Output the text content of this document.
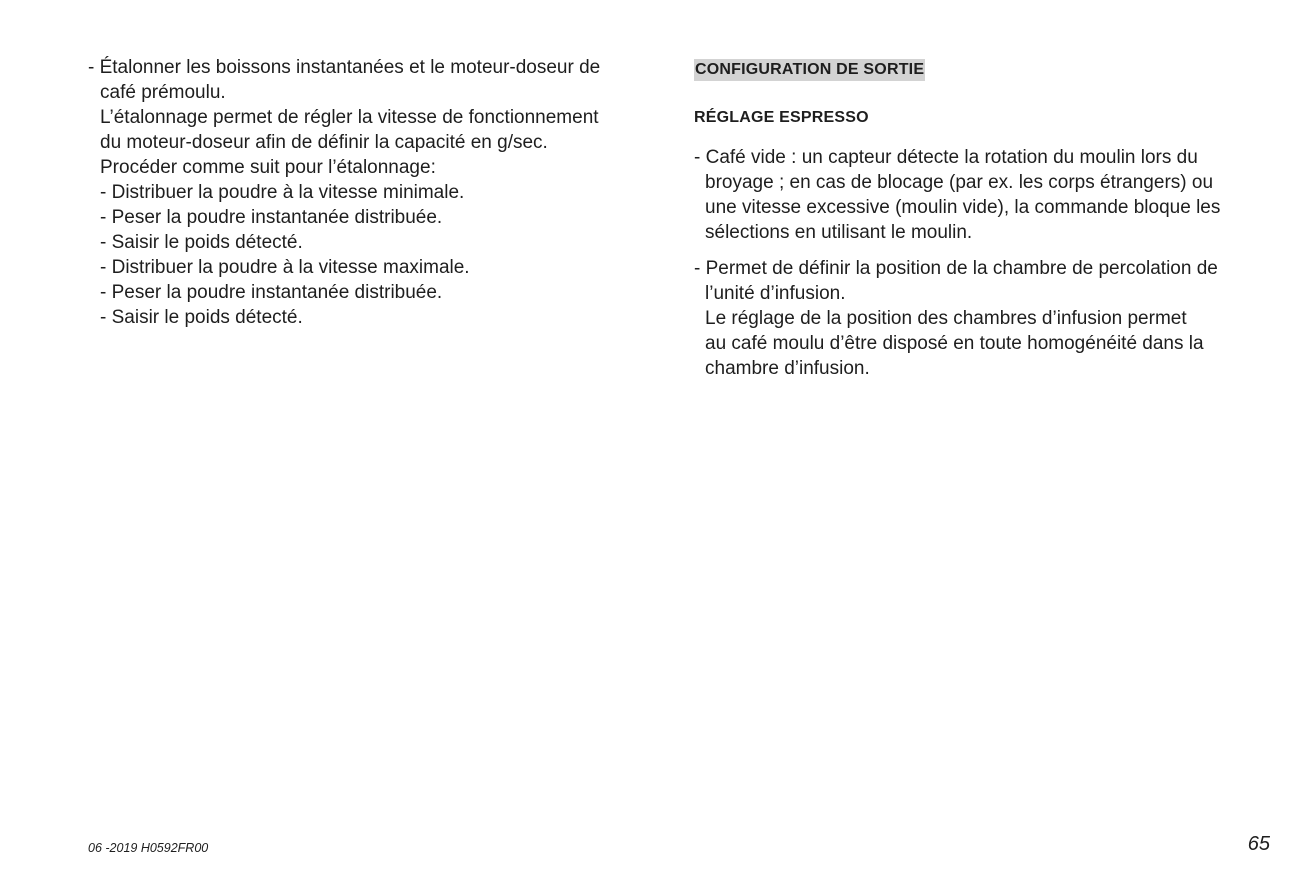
- Étalonner les boissons instantanées et le moteur-doseur de
café prémoulu.
L’étalonnage permet de régler la vitesse de fonctionnement
du moteur-doseur afin de définir la capacité en g/sec.
Procéder comme suit pour l’étalonnage:
- Distribuer la poudre à la vitesse minimale.
- Peser la poudre instantanée distribuée.
- Saisir le poids détecté.
- Distribuer la poudre à la vitesse maximale.
- Peser la poudre instantanée distribuée.
- Saisir le poids détecté.
CONFIGURATION DE SORTIE
RÉGLAGE ESPRESSO
- Café vide : un capteur détecte la rotation du moulin lors du
broyage ; en cas de blocage (par ex. les corps étrangers) ou
une vitesse excessive (moulin vide), la commande bloque les
sélections en utilisant le moulin.
- Permet de définir la position de la chambre de percolation de
l’unité d’infusion.
Le réglage de la position des chambres d’infusion permet
au café moulu d’être disposé en toute homogénéité dans la
chambre d’infusion.
06 -2019 H0592FR00	65
